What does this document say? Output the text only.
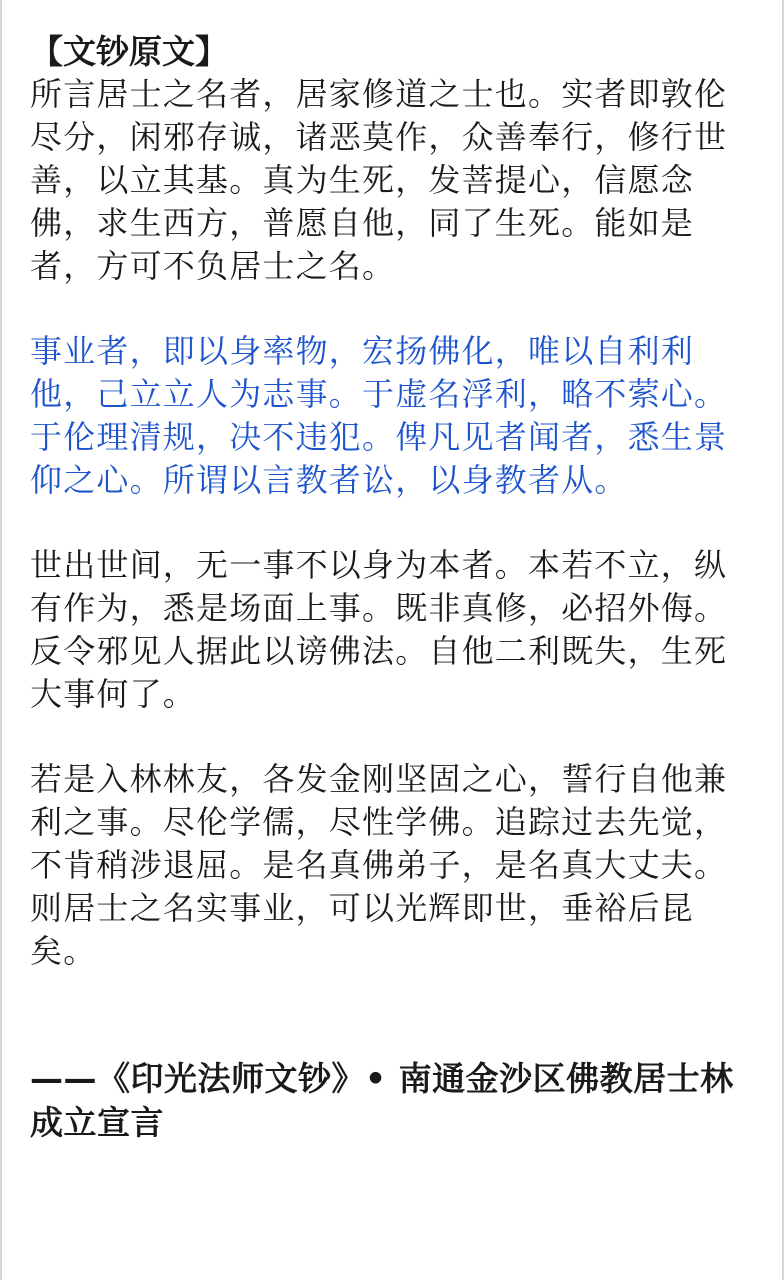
【文钞原文】

所言居士之名者，居家修道之士也。实者即敦伦尽分，闲邪存诚，诸恶莫作，众善奉行，修行世善，以立其基。真为生死，发菩提心，信愿念佛，求生西方，普愿自他，同了生死。能如是者，方可不负居士之名。

事业者，即以身率物，宏扬佛化，唯以自利利他，己立立人为志事。于虚名浮利，略不萦心。于伦理清规，决不违犯。俾凡见者闻者，悉生景仰之心。所谓以言教者讼，以身教者从。

世出世间，无一事不以身为本者。本若不立，纵有作为，悉是场面上事。既非真修，必招外侮。反令邪见人据此以谤佛法。自他二利既失，生死大事何了。

若是入林林友，各发金刚坚固之心，誓行自他兼利之事。尽伦学儒，尽性学佛。追踪过去先觉，不肯稍涉退屈。是名真佛弟子，是名真大丈夫。则居士之名实事业，可以光辉即世，垂裕后昆矣。

——《印光法师文钞》• 南通金沙区佛教居士林成立宣言
